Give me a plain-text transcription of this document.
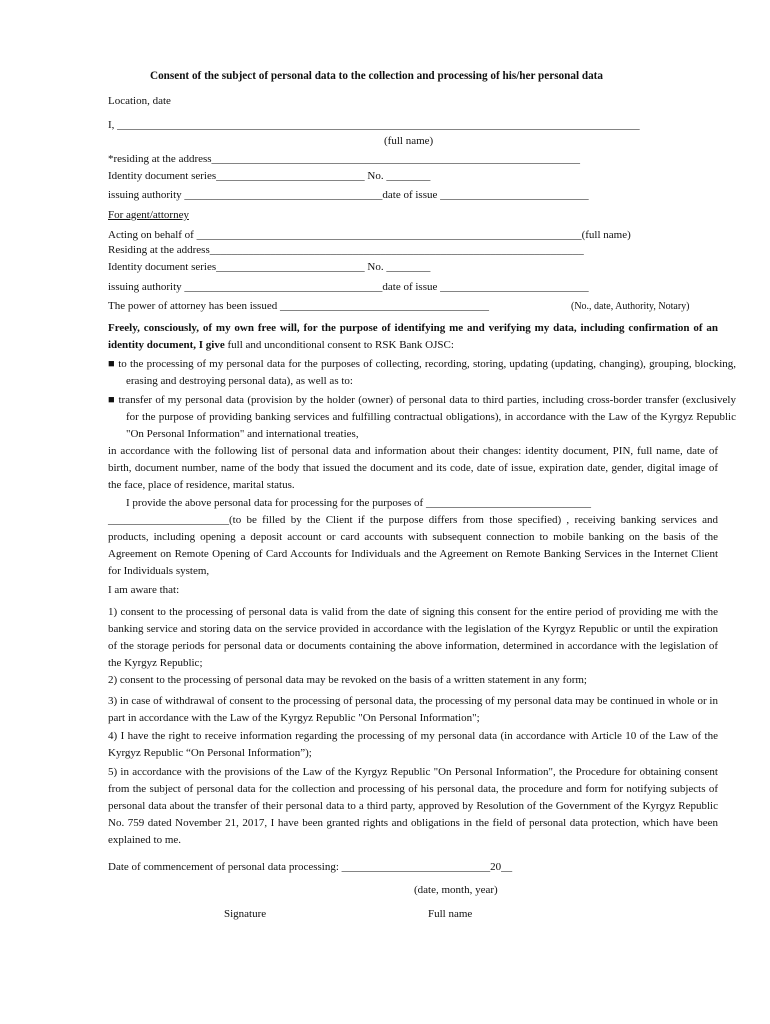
Consent of the subject of personal data to the collection and processing of his/her personal data
Location, date
I, _______________________________________________________________________________________________
(full name)
*residing at the address___________________________________________________________________
Identity document series___________________________ No. ________
issuing authority ____________________________________date of issue ___________________________
For agent/attorney
Acting on behalf of ______________________________________________________________________(full name)
Residing at the address____________________________________________________________________
Identity document series___________________________ No. ________
issuing authority ____________________________________date of issue ___________________________
The power of attorney has been issued ______________________________________	(No., date, Authority, Notary)
Freely, consciously, of my own free will, for the purpose of identifying me and verifying my data, including confirmation of an identity document, I give full and unconditional consent to RSK Bank OJSC:
■ to the processing of my personal data for the purposes of collecting, recording, storing, updating (updating, changing), grouping, blocking, erasing and destroying personal data), as well as to:
■ transfer of my personal data (provision by the holder (owner) of personal data to third parties, including cross-border transfer (exclusively for the purpose of providing banking services and fulfilling contractual obligations), in accordance with the Law of the Kyrgyz Republic "On Personal Information" and international treaties,
in accordance with the following list of personal data and information about their changes: identity document, PIN, full name, date of birth, document number, name of the body that issued the document and its code, date of issue, expiration date, gender, digital image of the face, place of residence, marital status.
I provide the above personal data for processing for the purposes of ______________________________
______________________(to be filled by the Client if the purpose differs from those specified) , receiving banking services and products, including opening a deposit account or card accounts with subsequent connection to mobile banking on the basis of the Agreement on Remote Opening of Card Accounts for Individuals and the Agreement on Remote Banking Services in the Internet Client for Individuals system,
I am aware that:
1) consent to the processing of personal data is valid from the date of signing this consent for the entire period of providing me with the banking service and storing data on the service provided in accordance with the legislation of the Kyrgyz Republic or until the expiration of the storage periods for personal data or documents containing the above information, determined in accordance with the legislation of the Kyrgyz Republic;
2) consent to the processing of personal data may be revoked on the basis of a written statement in any form;
3) in case of withdrawal of consent to the processing of personal data, the processing of my personal data may be continued in whole or in part in accordance with the Law of the Kyrgyz Republic "On Personal Information";
4) I have the right to receive information regarding the processing of my personal data (in accordance with Article 10 of the Law of the Kyrgyz Republic “On Personal Information”);
5) in accordance with the provisions of the Law of the Kyrgyz Republic "On Personal Information", the Procedure for obtaining consent from the subject of personal data for the collection and processing of his personal data, the procedure and form for notifying subjects of personal data about the transfer of their personal data to a third party, approved by Resolution of the Government of the Kyrgyz Republic No. 759 dated November 21, 2017, I have been granted rights and obligations in the field of personal data protection, which have been explained to me.
Date of commencement of personal data processing: ___________________________20__
(date, month, year)
Signature	Full name
